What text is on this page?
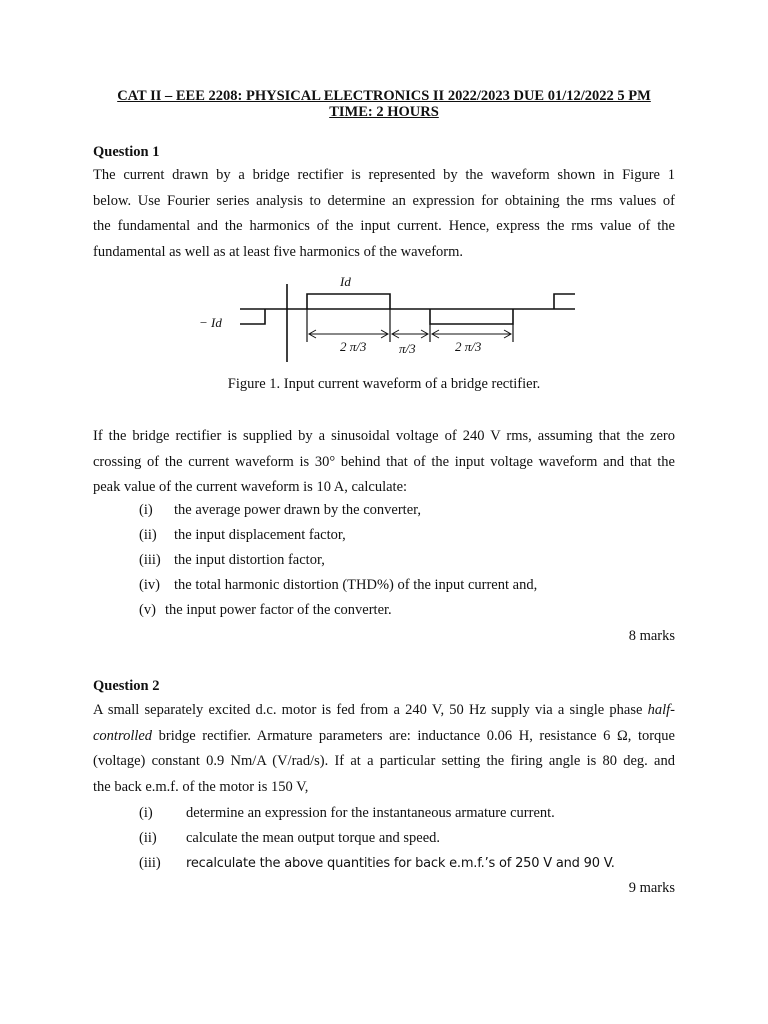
CAT II – EEE 2208: PHYSICAL ELECTRONICS II 2022/2023 DUE 01/12/2022 5 PM
TIME: 2 HOURS
Question 1
The current drawn by a bridge rectifier is represented by the waveform shown in Figure 1
below. Use Fourier series analysis to determine an expression for obtaining the rms values of
the fundamental and the harmonics of the input current. Hence, express the rms value of the
fundamental as well as at least five harmonics of the waveform.
Id
− Id
2 π/3	π/3	2 π/3
Figure 1. Input current waveform of a bridge rectifier.
If the bridge rectifier is supplied by a sinusoidal voltage of 240 V rms, assuming that the zero
crossing of the current waveform is 30° behind that of the input voltage waveform and that the
peak value of the current waveform is 10 A, calculate:
(i) the average power drawn by the converter,
(ii) the input displacement factor,
(iii) the input distortion factor,
(iv) the total harmonic distortion (THD%) of the input current and,
(v) the input power factor of the converter.
8 marks
Question 2
A small separately excited d.c. motor is fed from a 240 V, 50 Hz supply via a single phase half-
controlled bridge rectifier. Armature parameters are: inductance 0.06 H, resistance 6 Ω, torque
(voltage) constant 0.9 Nm/A (V/rad/s). If at a particular setting the firing angle is 80 deg. and
the back e.m.f. of the motor is 150 V,
(i) determine an expression for the instantaneous armature current.
(ii) calculate the mean output torque and speed.
(iii) recalculate the above quantities for back e.m.f.’s of 250 V and 90 V.
9 marks
